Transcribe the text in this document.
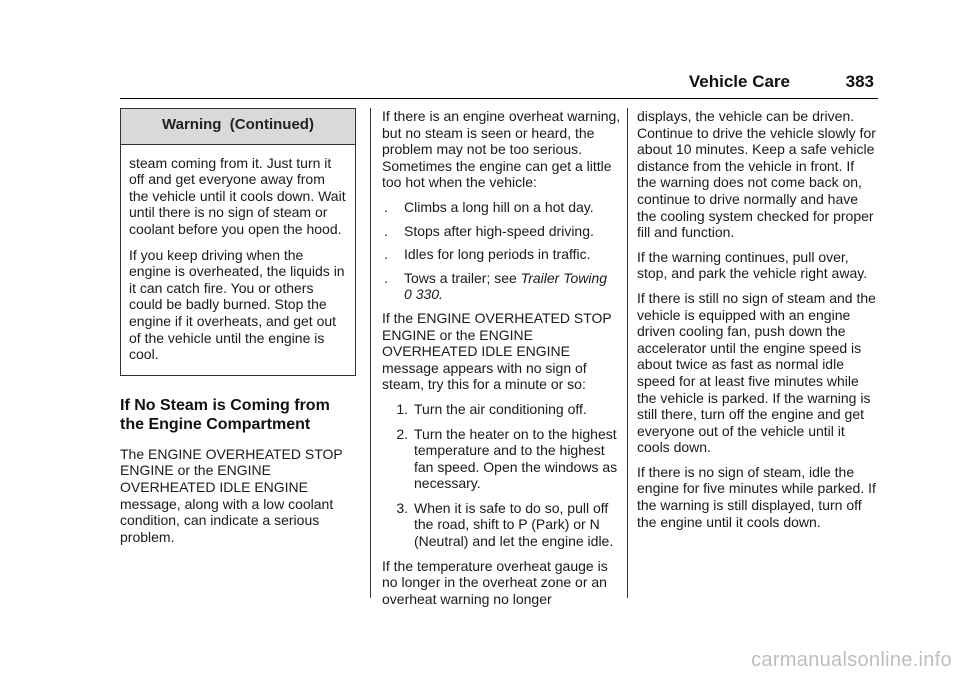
Vehicle Care	383
Warning  (Continued)

steam coming from it. Just turn it off and get everyone away from the vehicle until it cools down. Wait until there is no sign of steam or coolant before you open the hood.

If you keep driving when the engine is overheated, the liquids in it can catch fire. You or others could be badly burned. Stop the engine if it overheats, and get out of the vehicle until the engine is cool.

If No Steam is Coming from the Engine Compartment

The ENGINE OVERHEATED STOP ENGINE or the ENGINE OVERHEATED IDLE ENGINE message, along with a low coolant condition, can indicate a serious problem.

If there is an engine overheat warning, but no steam is seen or heard, the problem may not be too serious. Sometimes the engine can get a little too hot when the vehicle:

.	Climbs a long hill on a hot day.
.	Stops after high-speed driving.
.	Idles for long periods in traffic.
.	Tows a trailer; see Trailer Towing
0 330.

If the ENGINE OVERHEATED STOP ENGINE or the ENGINE OVERHEATED IDLE ENGINE message appears with no sign of steam, try this for a minute or so:

1. Turn the air conditioning off.
2. Turn the heater on to the highest temperature and to the highest fan speed. Open the windows as necessary.
3. When it is safe to do so, pull off the road, shift to P (Park) or N (Neutral) and let the engine idle.

If the temperature overheat gauge is no longer in the overheat zone or an overheat warning no longer

displays, the vehicle can be driven. Continue to drive the vehicle slowly for about 10 minutes. Keep a safe vehicle distance from the vehicle in front. If the warning does not come back on, continue to drive normally and have the cooling system checked for proper fill and function.

If the warning continues, pull over, stop, and park the vehicle right away.

If there is still no sign of steam and the vehicle is equipped with an engine driven cooling fan, push down the accelerator until the engine speed is about twice as fast as normal idle speed for at least five minutes while the vehicle is parked. If the warning is still there, turn off the engine and get everyone out of the vehicle until it cools down.

If there is no sign of steam, idle the engine for five minutes while parked. If the warning is still displayed, turn off the engine until it cools down.

carmanualsonline.info
